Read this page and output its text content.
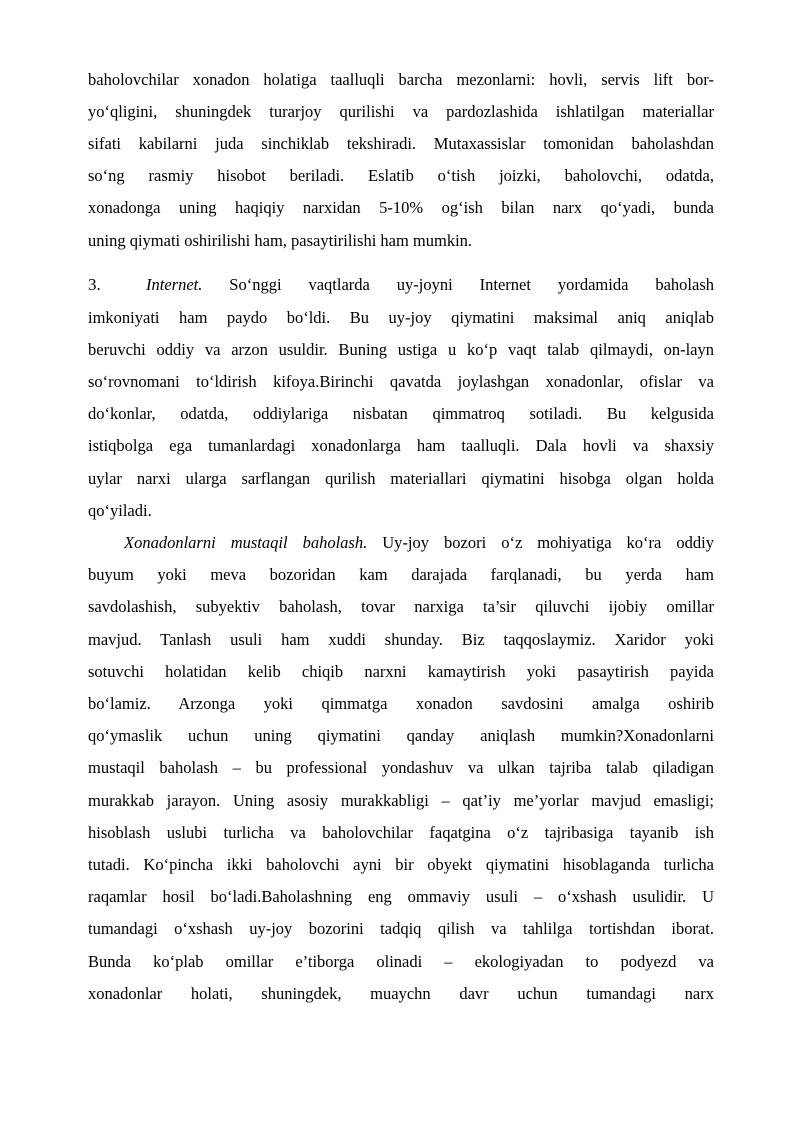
baholovchilar xonadon holatiga taalluqli barcha mezonlarni: hovli, servis lift bor-
yo‘qligini, shuningdek turarjoy qurilishi va pardozlashida ishlatilgan materiallar
sifati kabilarni juda sinchiklab tekshiradi. Mutaxassislar tomonidan baholashdan
so‘ng rasmiy hisobot beriladi. Eslatib o‘tish joizki, baholovchi, odatda,
xonadonga uning haqiqiy narxidan 5-10% og‘ish bilan narx qo‘yadi, bunda
uning qiymati oshirilishi ham, pasaytirilishi ham mumkin.
3.	Internet. So‘nggi vaqtlarda uy-joyni Internet yordamida baholash
imkoniyati ham paydo bo‘ldi. Bu uy-joy qiymatini maksimal aniq aniqlab
beruvchi oddiy va arzon usuldir. Buning ustiga u ko‘p vaqt talab qilmaydi, on-layn
so‘rovnomani to‘ldirish kifoya.Birinchi qavatda joylashgan xonadonlar, ofislar va
do‘konlar, odatda, oddiylariga nisbatan qimmatroq sotiladi. Bu kelgusida
istiqbolga ega tumanlardagi xonadonlarga ham taalluqli. Dala hovli va shaxsiy
uylar narxi ularga sarflangan qurilish materiallari qiymatini hisobga olgan holda
qo‘yiladi.
Xonadonlarni mustaqil baholash. Uy-joy bozori o‘z mohiyatiga ko‘ra oddiy
buyum yoki meva bozoridan kam darajada farqlanadi, bu yerda ham
savdolashish, subyektiv baholash, tovar narxiga ta’sir qiluvchi ijobiy omillar
mavjud. Tanlash usuli ham xuddi shunday. Biz taqqoslaymiz. Xaridor yoki
sotuvchi holatidan kelib chiqib narxni kamaytirish yoki pasaytirish payida
bo‘lamiz. Arzonga yoki qimmatga xonadon savdosini amalga oshirib
qo‘ymaslik uchun uning qiymatini qanday aniqlash mumkin?Xonadonlarni
mustaqil baholash – bu professional yondashuv va ulkan tajriba talab qiladigan
murakkab jarayon. Uning asosiy murakkabligi – qat’iy me’yorlar mavjud emasligi;
hisoblash uslubi turlicha va baholovchilar faqatgina o‘z tajribasiga tayanib ish
tutadi. Ko‘pincha ikki baholovchi ayni bir obyekt qiymatini hisoblaganda turlicha
raqamlar hosil bo‘ladi.Baholashning eng ommaviy usuli – o‘xshash usulidir. U
tumandagi o‘xshash uy-joy bozorini tadqiq qilish va tahlilga tortishdan iborat.
Bunda ko‘plab omillar e’tiborga olinadi – ekologiyadan to podyezd va
xonadonlar holati, shuningdek, muaychn davr uchun tumandagi narx
